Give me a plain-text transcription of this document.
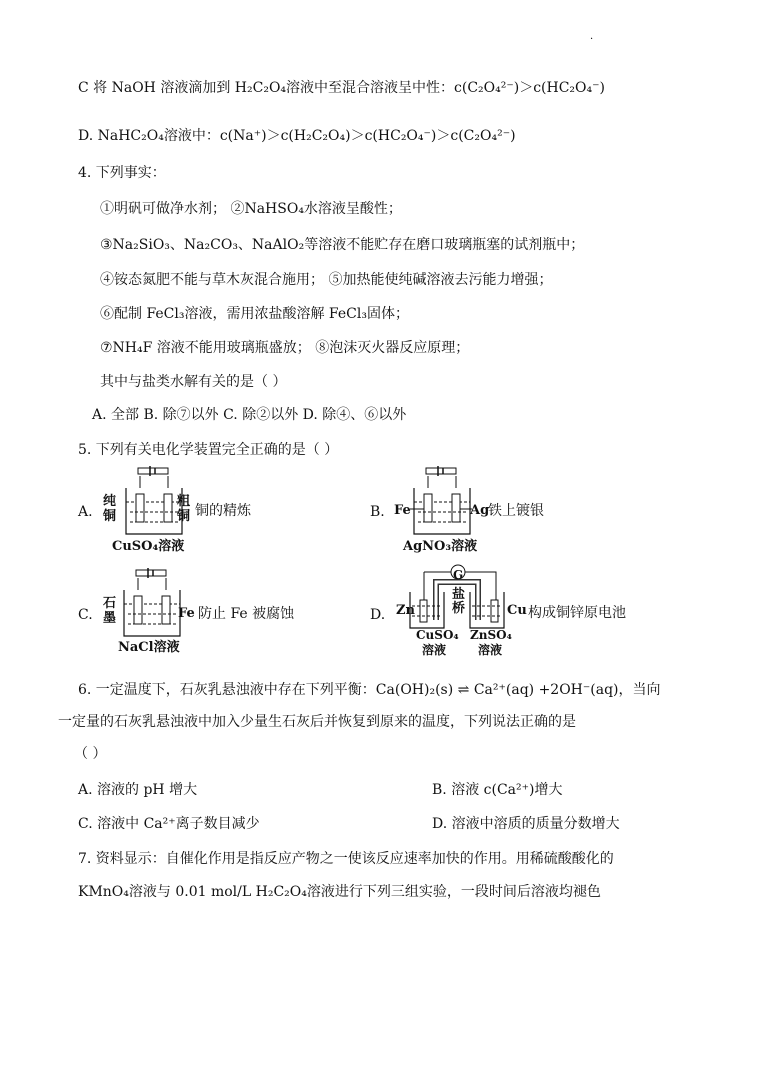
·
C 将 NaOH 溶液滴加到 H₂C₂O₄溶液中至混合溶液呈中性：c(C₂O₄²⁻)＞c(HC₂O₄⁻)
D. NaHC₂O₄溶液中：c(Na⁺)＞c(H₂C₂O₄)＞c(HC₂O₄⁻)＞c(C₂O₄²⁻)
4. 下列事实：
①明矾可做净水剂； ②NaHSO₄水溶液呈酸性；
③Na₂SiO₃、Na₂CO₃、NaAlO₂等溶液不能贮存在磨口玻璃瓶塞的试剂瓶中；
④铵态氮肥不能与草木灰混合施用； ⑤加热能使纯碱溶液去污能力增强；
⑥配制 FeCl₃溶液，需用浓盐酸溶解 FeCl₃固体；
⑦NH₄F 溶液不能用玻璃瓶盛放； ⑧泡沫灭火器反应原理；
其中与盐类水解有关的是（ ）
A. 全部 B. 除⑦以外 C. 除②以外 D. 除④、⑥以外
5. 下列有关电化学装置完全正确的是（ ）
A.
纯
铜
粗
铜 铜的精炼
CuSO₄溶液
B. Fe	Ag
铁上镀银
AgNO₃溶液
C.
石
墨	Fe 防止 Fe 被腐蚀
NaCl溶液
D.
G
盐
桥
Zn	Cu 构成铜锌原电池
CuSO₄
溶液
ZnSO₄
溶液
6. 一定温度下，石灰乳悬浊液中存在下列平衡：Ca(OH)₂(s) ⇌ Ca²⁺(aq) +2OH⁻(aq)，当向
一定量的石灰乳悬浊液中加入少量生石灰后并恢复到原来的温度，下列说法正确的是
（ ）
A. 溶液的 pH 增大	B. 溶液 c(Ca²⁺)增大
C. 溶液中 Ca²⁺离子数目减少	D. 溶液中溶质的质量分数增大
7. 资料显示：自催化作用是指反应产物之一使该反应速率加快的作用。用稀硫酸酸化的
KMnO₄溶液与 0.01 mol/L H₂C₂O₄溶液进行下列三组实验，一段时间后溶液均褪色
